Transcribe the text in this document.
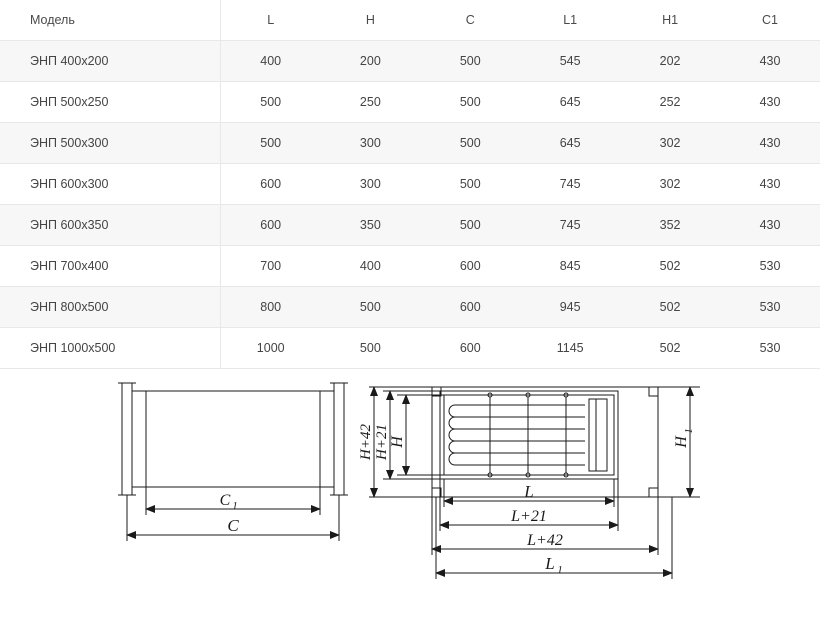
Модель	L	H	C	L1	H1	C1
ЭНП 400x200	400	200	500	545	202	430
ЭНП 500x250	500	250	500	645	252	430
ЭНП 500x300	500	300	500	645	302	430
ЭНП 600x300	600	300	500	745	302	430
ЭНП 600x350	600	350	500	745	352	430
ЭНП 700x400	700	400	600	845	502	530
ЭНП 800x500	800	500	600	945	502	530
ЭНП 1000x500	1000	500	600	1145	502	530
C 1
C
H+42 H+21 H	H
1
L
L+21
L+42
L 1
